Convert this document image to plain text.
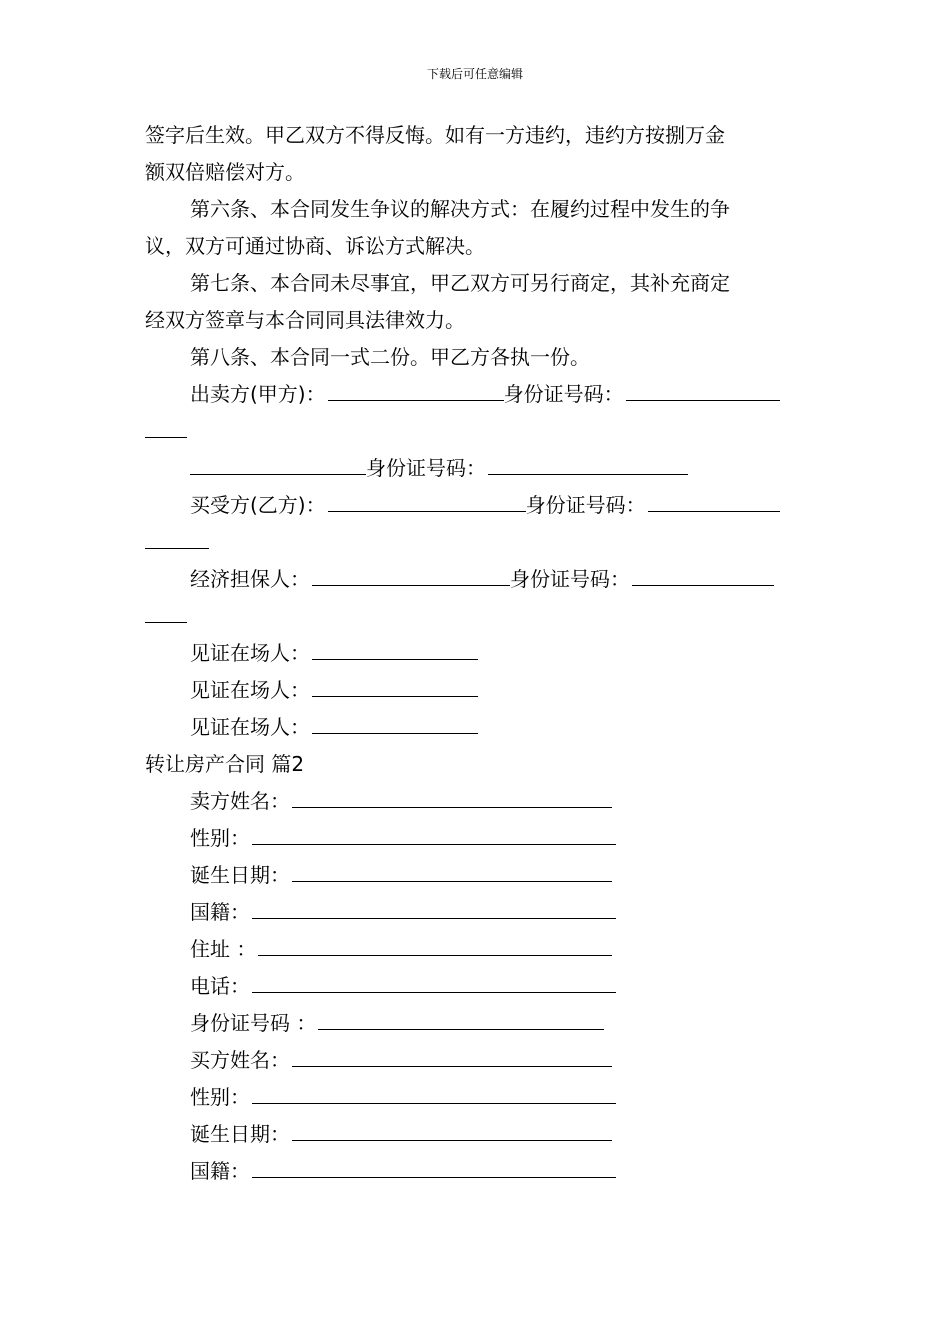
下载后可任意编辑
签字后生效。甲乙双方不得反悔。如有一方违约，违约方按捌万金
额双倍赔偿对方。
第六条、本合同发生争议的解决方式：在履约过程中发生的争
议，双方可通过协商、诉讼方式解决。
第七条、本合同未尽事宜，甲乙双方可另行商定，其补充商定
经双方签章与本合同同具法律效力。
第八条、本合同一式二份。甲乙方各执一份。
出卖方(甲方)：	身份证号码：
身份证号码：
买受方(乙方)：	身份证号码：
经济担保人：	身份证号码：
见证在场人：
见证在场人：
见证在场人：
转让房产合同 篇2
卖方姓名：
性别：
诞生日期：
国籍：
住址 ：
电话：
身份证号码 ：
买方姓名：
性别：
诞生日期：
国籍：
